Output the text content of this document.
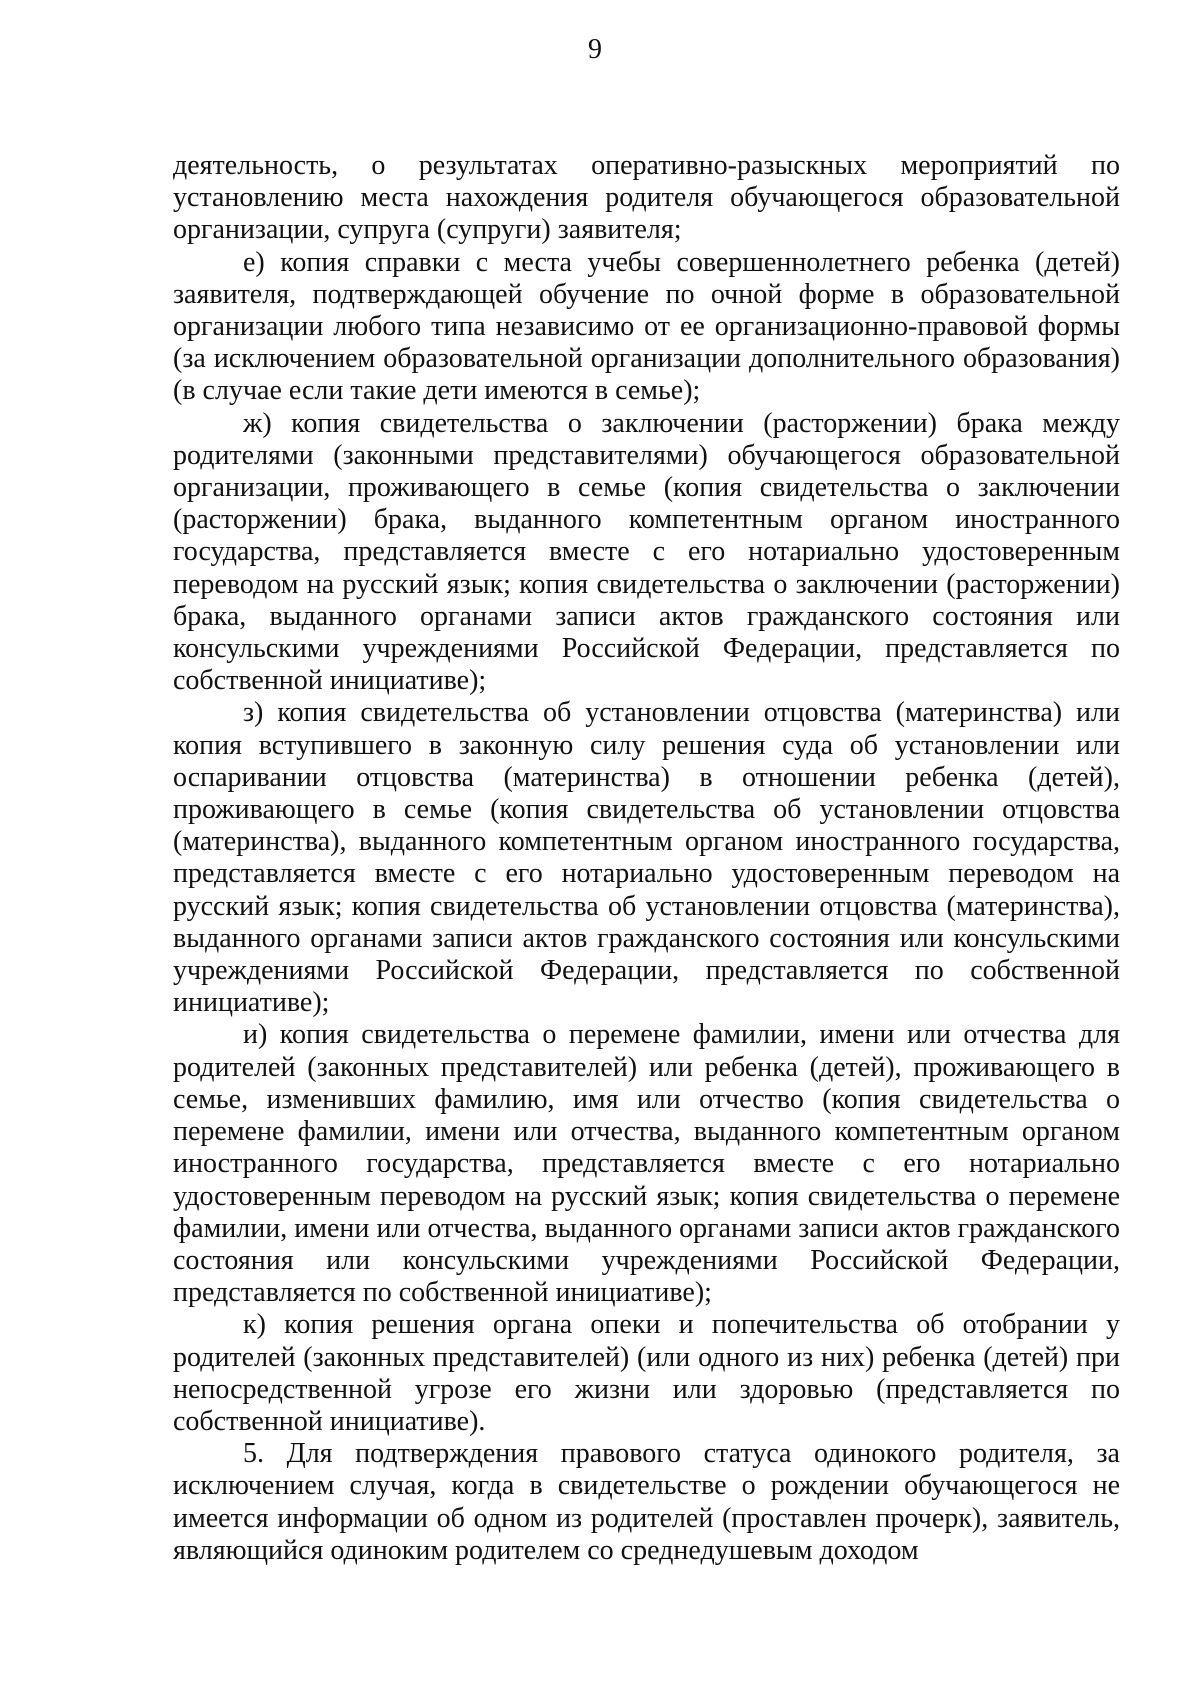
9

деятельность, о результатах оперативно-разыскных мероприятий по установлению места нахождения родителя обучающегося образовательной организации, супруга (супруги) заявителя;

е) копия справки с места учебы совершеннолетнего ребенка (детей) заявителя, подтверждающей обучение по очной форме в образовательной организации любого типа независимо от ее организационно-правовой формы (за исключением образовательной организации дополнительного образования) (в случае если такие дети имеются в семье);

ж) копия свидетельства о заключении (расторжении) брака между родителями (законными представителями) обучающегося образовательной организации, проживающего в семье (копия свидетельства о заключении (расторжении) брака, выданного компетентным органом иностранного государства, представляется вместе с его нотариально удостоверенным переводом на русский язык; копия свидетельства о заключении (расторжении) брака, выданного органами записи актов гражданского состояния или консульскими учреждениями Российской Федерации, представляется по собственной инициативе);

з) копия свидетельства об установлении отцовства (материнства) или копия вступившего в законную силу решения суда об установлении или оспаривании отцовства (материнства) в отношении ребенка (детей), проживающего в семье (копия свидетельства об установлении отцовства (материнства), выданного компетентным органом иностранного государства, представляется вместе с его нотариально удостоверенным переводом на русский язык; копия свидетельства об установлении отцовства (материнства), выданного органами записи актов гражданского состояния или консульскими учреждениями Российской Федерации, представляется по собственной инициативе);

и) копия свидетельства о перемене фамилии, имени или отчества для родителей (законных представителей) или ребенка (детей), проживающего в семье, изменивших фамилию, имя или отчество (копия свидетельства о перемене фамилии, имени или отчества, выданного компетентным органом иностранного государства, представляется вместе с его нотариально удостоверенным переводом на русский язык; копия свидетельства о перемене фамилии, имени или отчества, выданного органами записи актов гражданского состояния или консульскими учреждениями Российской Федерации, представляется по собственной инициативе);

к) копия решения органа опеки и попечительства об отобрании у родителей (законных представителей) (или одного из них) ребенка (детей) при непосредственной угрозе его жизни или здоровью (представляется по собственной инициативе).

5. Для подтверждения правового статуса одинокого родителя, за исключением случая, когда в свидетельстве о рождении обучающегося не имеется информации об одном из родителей (проставлен прочерк), заявитель, являющийся одиноким родителем со среднедушевым доходом
